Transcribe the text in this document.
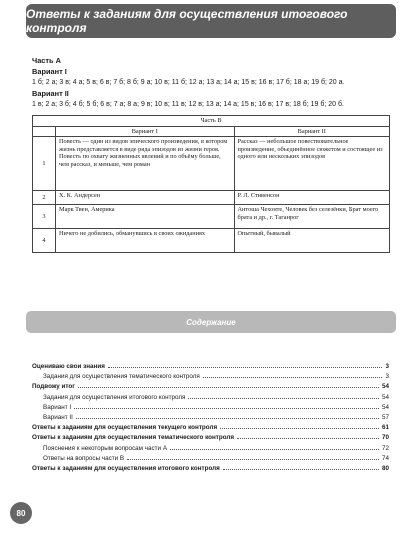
Ответы к заданиям для осуществления итогового контроля
Часть А
Вариант I
1 б; 2 а; 3 в; 4 а; 5 в; 6 в; 7 б; 8 б; 9 а; 10 в; 11 б; 12 а; 13 а; 14 а; 15 в; 16 в; 17 б; 18 а; 19 б; 20 а.
Вариант II
1 в; 2 а; 3 б; 4 б; 5 б; 6 в; 7 а; 8 а; 9 в; 10 в; 11 в; 12 в; 13 а; 14 а; 15 в; 16 в; 17 в; 18 б; 19 б; 20 б.
Часть В		
	Вариант I	Вариант II
1	Повесть — один из видов эпического произведения, в котором жизнь представляется в виде ряда эпизодов из жизни героя. Повесть по охвату жизненных явлений и по объёму больше, чем рассказ, и меньше, чем роман	Рассказ — небольшое повествовательное произведение, объединённое сюжетом и состоящее из одного или нескольких эпизодов
2	Х. К. Андерсен	Р. Л. Стивенсон
3	Марк Твен, Америка	Антоша Чехонте, Человек без селезёнки, Брат моего брата и др., г. Таганрог
4	Ничего не добились, обманувшись в своих ожиданиях	Опытный, бывалый
Содержание
Оцениваю свои знания	3
Задания для осуществления тематического контроля	3
Подвожу итог	54
Задания для осуществления итогового контроля	54
Вариант I	54
Вариант II	57
Ответы к заданиям для осуществления текущего контроля	61
Ответы к заданиям для осуществления тематического контроля	70
Пояснения к некоторым вопросам части А	72
Ответы на вопросы части В	74
Ответы к заданиям для осуществления итогового контроля	80
80
